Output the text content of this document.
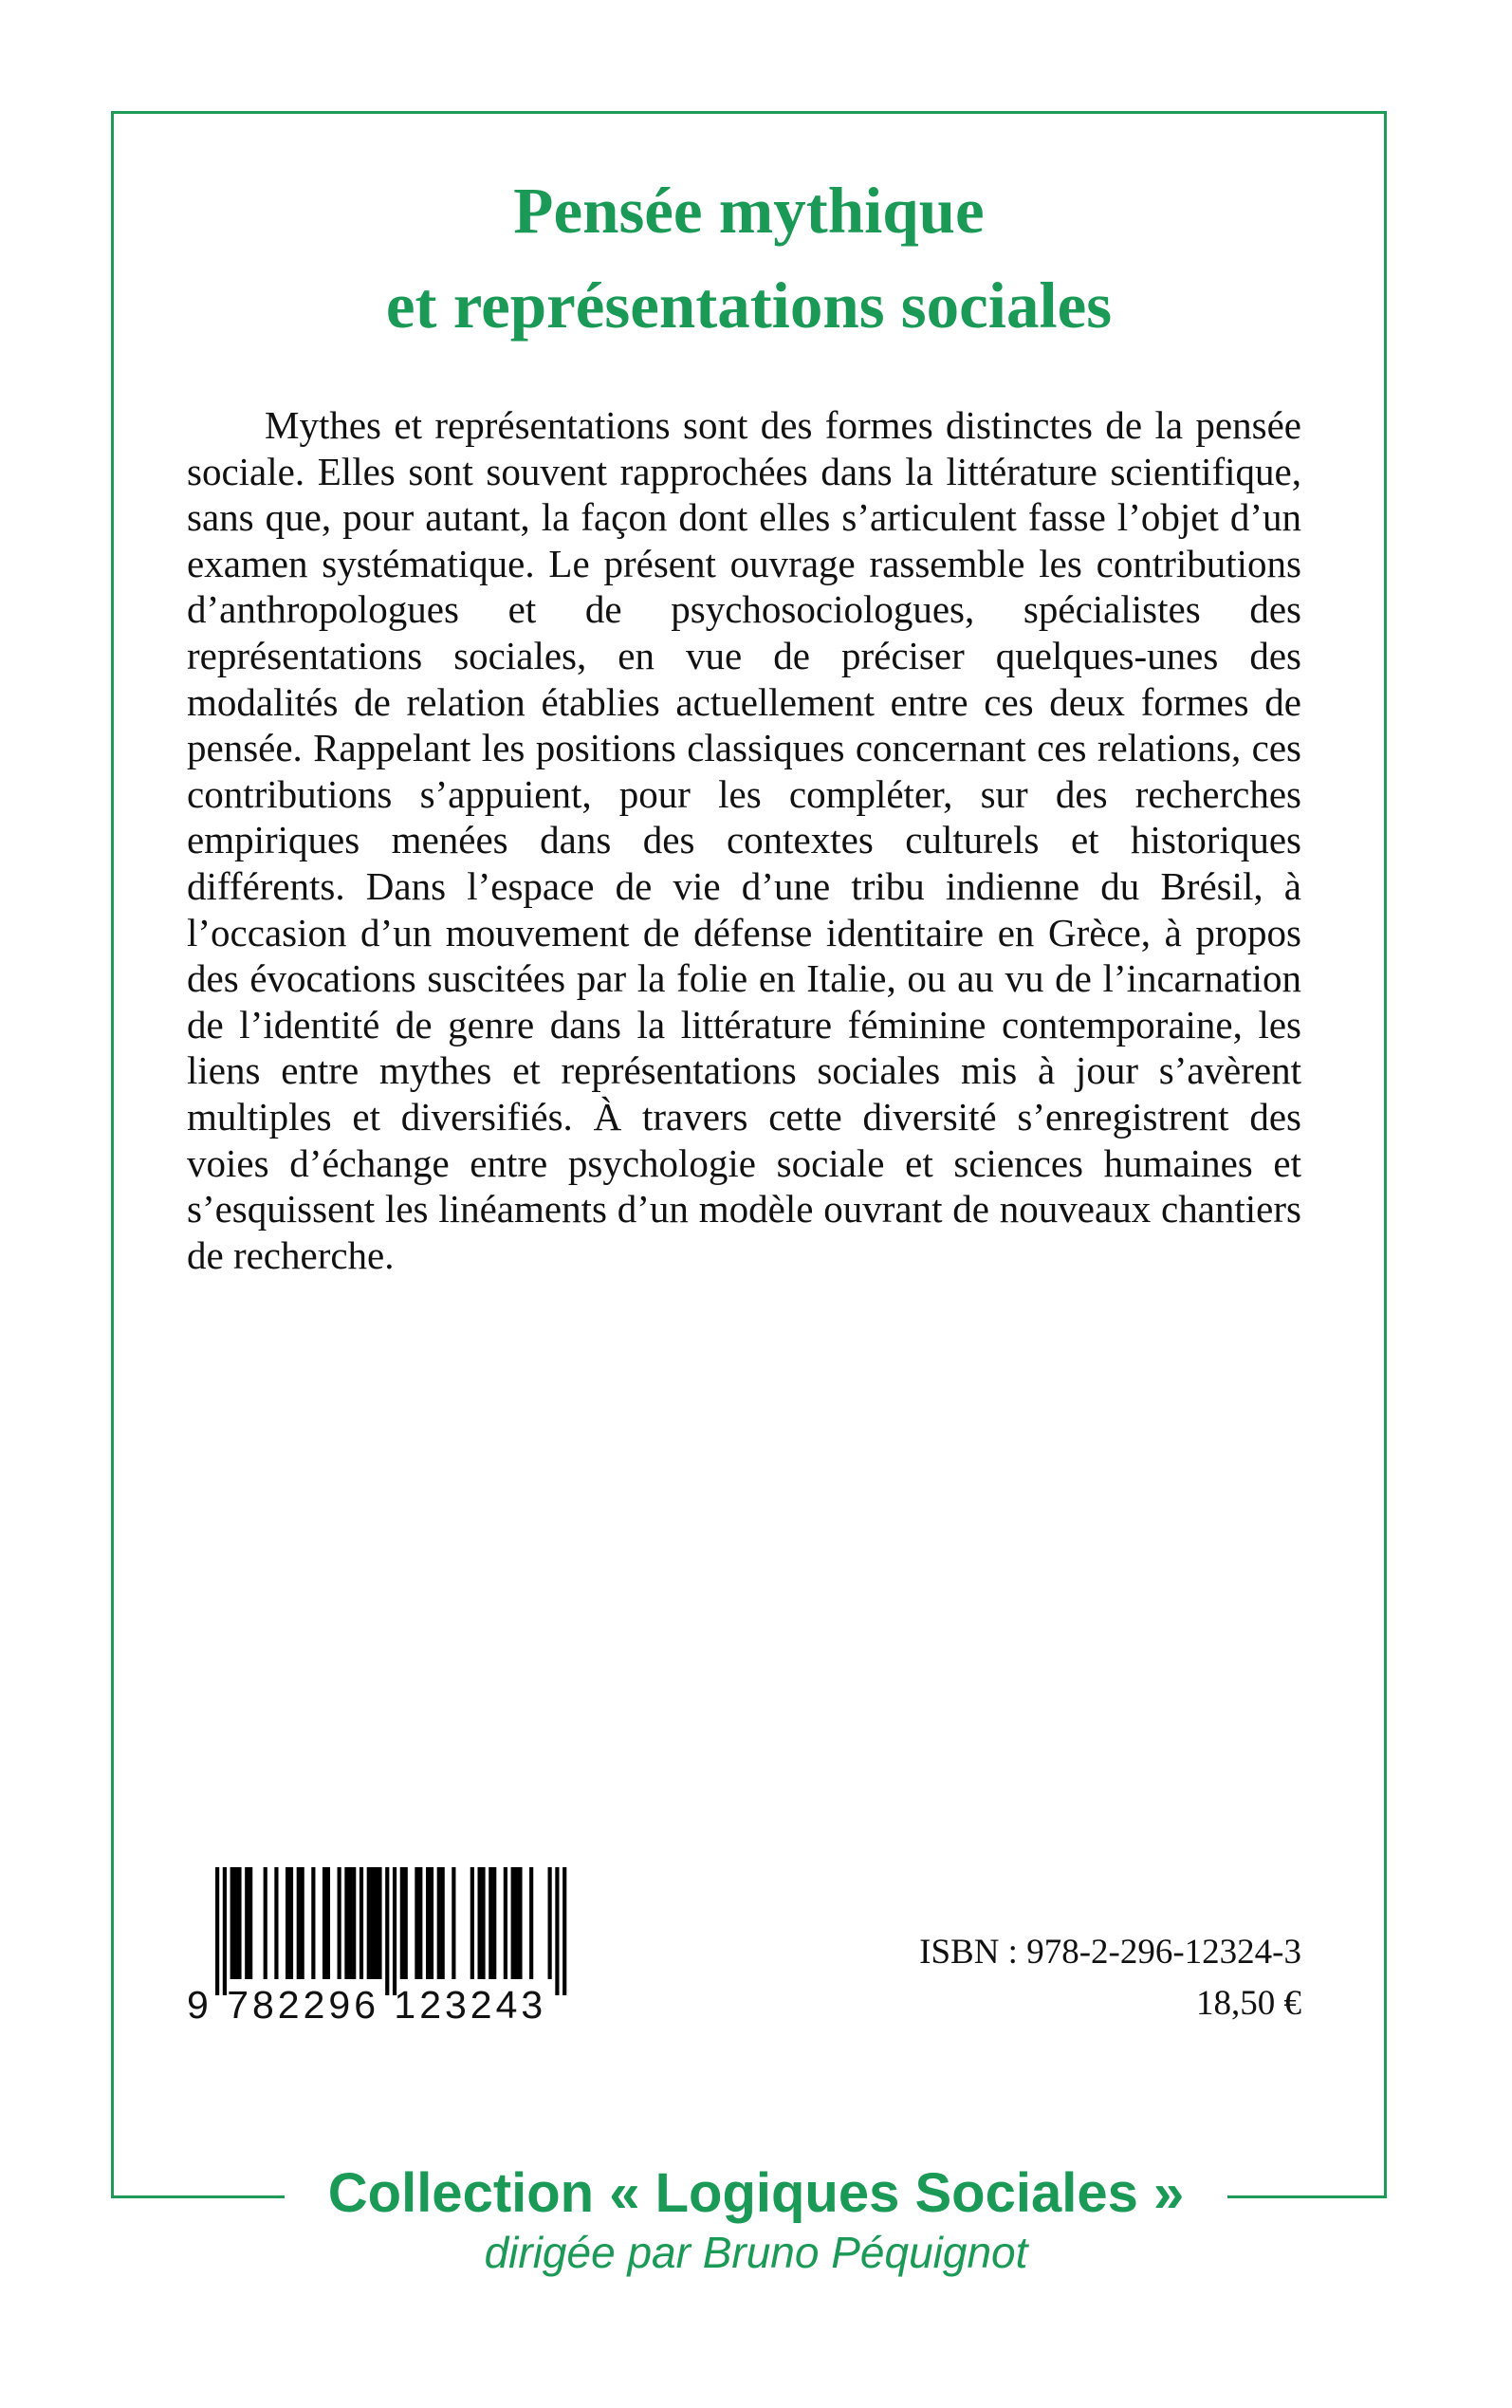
Pensée mythique
et représentations sociales

Mythes et représentations sont des formes distinctes de la pensée sociale. Elles sont souvent rapprochées dans la littérature scientifique, sans que, pour autant, la façon dont elles s’articulent fasse l’objet d’un examen systématique. Le présent ouvrage rassemble les contributions d’anthropologues et de psychosociologues, spécialistes des représentations sociales, en vue de préciser quelques-unes des modalités de relation établies actuellement entre ces deux formes de pensée. Rappelant les positions classiques concernant ces relations, ces contributions s’appuient, pour les compléter, sur des recherches empiriques menées dans des contextes culturels et historiques différents. Dans l’espace de vie d’une tribu indienne du Brésil, à l’occasion d’un mouvement de défense identitaire en Grèce, à propos des évocations suscitées par la folie en Italie, ou au vu de l’incarnation de l’identité de genre dans la littérature féminine contemporaine, les liens entre mythes et représentations sociales mis à jour s’avèrent multiples et diversifiés. À travers cette diversité s’enregistrent des voies d’échange entre psychologie sociale et sciences humaines et s’esquissent les linéaments d’un modèle ouvrant de nouveaux chantiers de recherche.

9 782296 123243
ISBN : 978-2-296-12324-3
18,50 €
Collection « Logiques Sociales »
dirigée par Bruno Péquignot
